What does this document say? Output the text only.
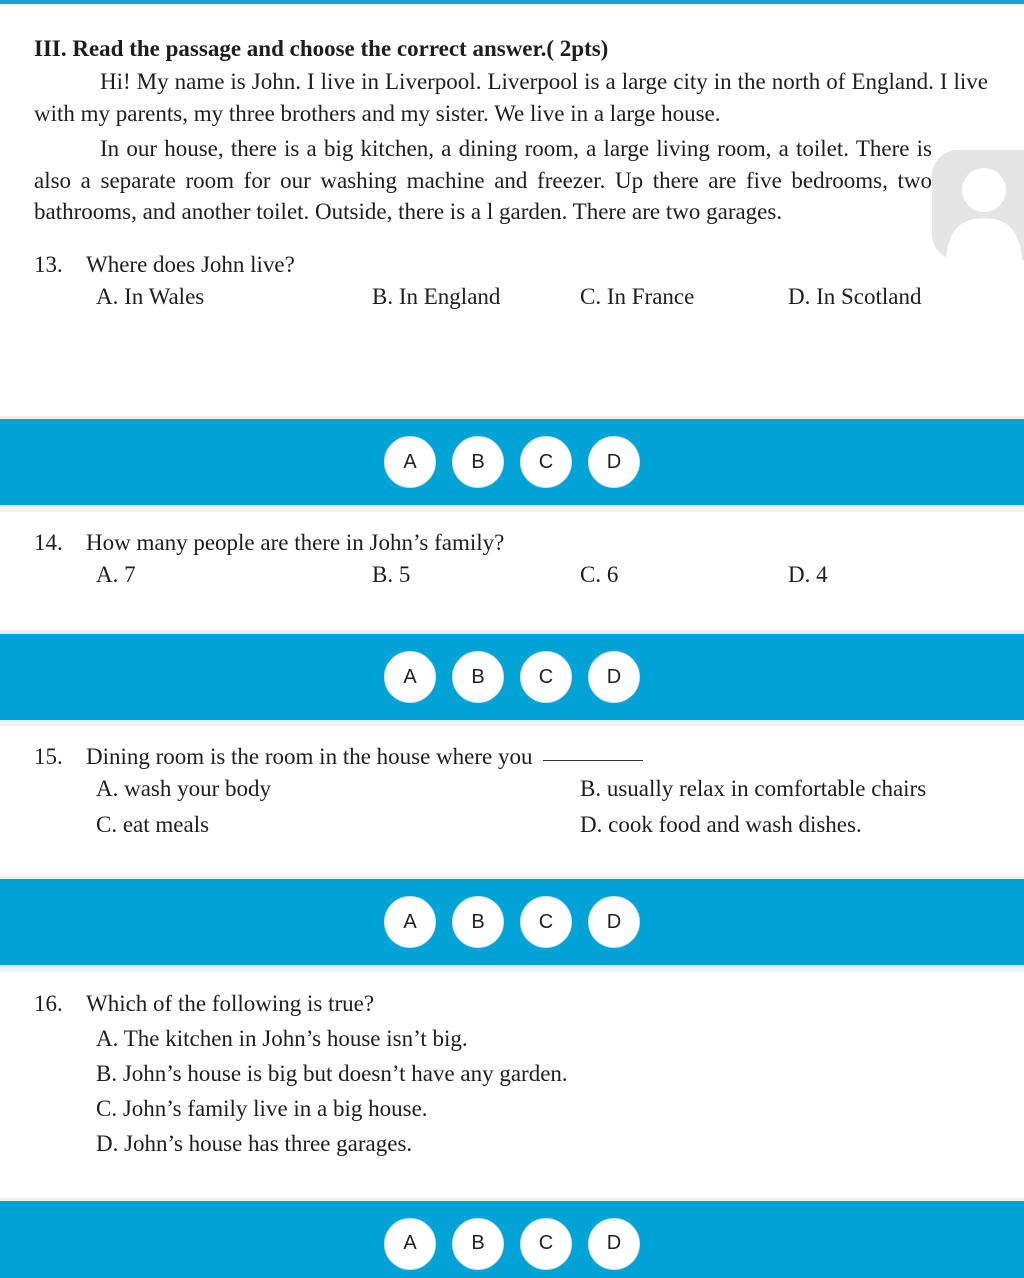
III. Read the passage and choose the correct answer.( 2pts)
Hi! My name is John. I live in Liverpool. Liverpool is a large city in the north of England. I live with my parents, my three brothers and my sister. We live in a large house.
In our house, there is a big kitchen, a dining room, a large living room, a toilet. There is also a separate room for our washing machine and freezer. Up there are five bedrooms, two bathrooms, and another toilet. Outside, there is a l garden. There are two garages.
13.	Where does John live?
A. In Wales	B. In England	C. In France	D. In Scotland
A	B	C	D
14.	How many people are there in John’s family?
A. 7	B. 5	C. 6	D. 4
A	B	C	D
15.	Dining room is the room in the house where you
A. wash your body	B. usually relax in comfortable chairs
C. eat meals	D. cook food and wash dishes.
A	B	C	D
16.	Which of the following is true?
A. The kitchen in John’s house isn’t big.
B. John’s house is big but doesn’t have any garden.
C. John’s family live in a big house.
D. John’s house has three garages.
A	B	C	D
